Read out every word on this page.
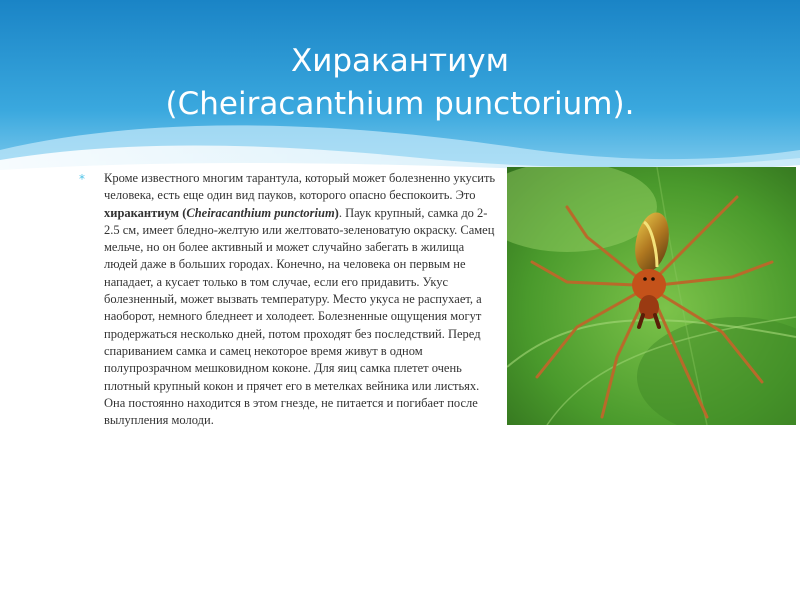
Хиракантиум
(Cheiracanthium punctorium).
* Кроме известного многим тарантула, который может болезненно укусить человека, есть еще один вид пауков, которого опасно беспокоить. Это хиракантиум (Cheiracanthium punctorium). Паук крупный, самка до 2-2.5 см, имеет бледно-желтую или желтовато-зеленоватую окраску. Самец мельче, но он более активный и может случайно забегать в жилища людей даже в больших городах. Конечно, на человека он первым не нападает, а кусает только в том случае, если его придавить. Укус болезненный, может вызвать температуру. Место укуса не распухает, а наоборот, немного бледнеет и холодеет. Болезненные ощущения могут продержаться несколько дней, потом проходят без последствий. Перед спариванием самка и самец некоторое время живут в одном полупрозрачном мешковидном коконе. Для яиц самка плетет очень плотный крупный кокон и прячет его в метелках вейника или листьях. Она постоянно находится в этом гнезде, не питается и погибает после вылупления молоди.
